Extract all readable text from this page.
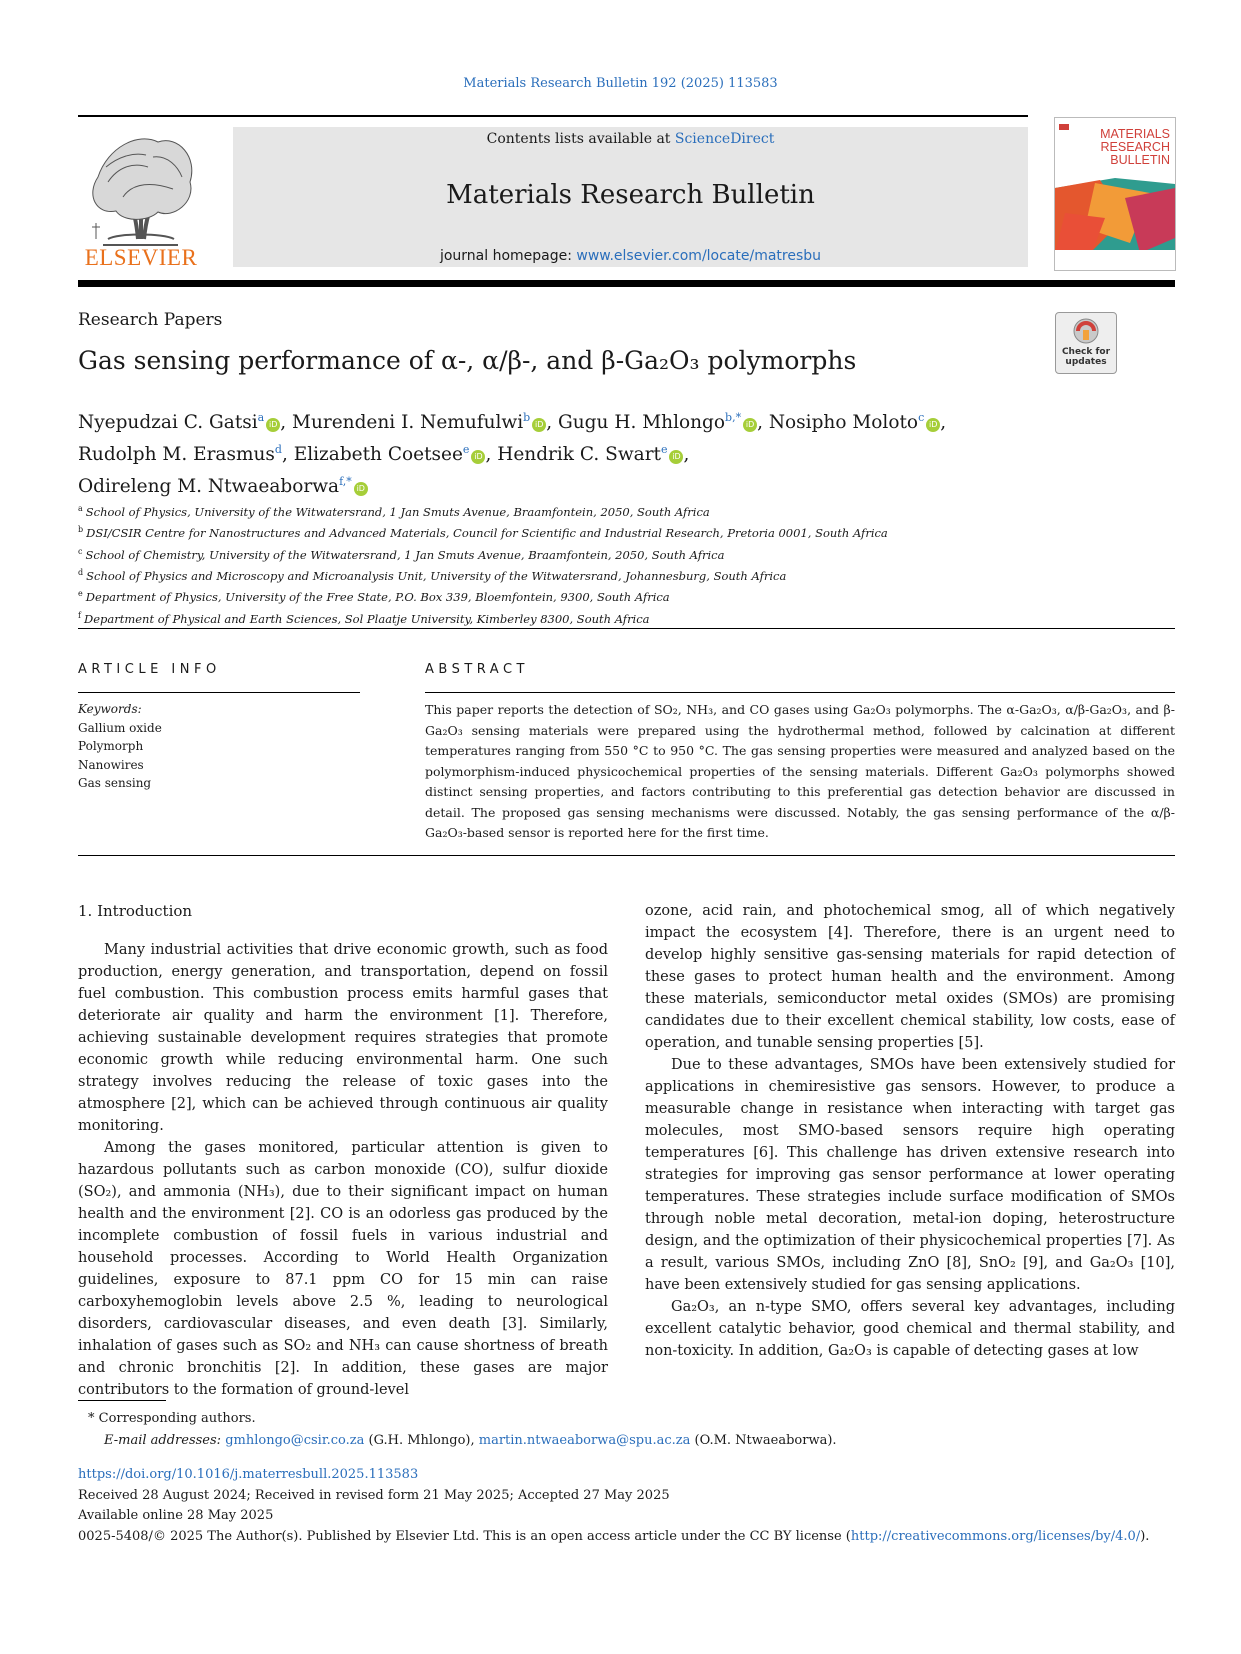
Materials Research Bulletin 192 (2025) 113583
ELSEVIER
Contents lists available at ScienceDirect
Materials Research Bulletin
journal homepage: www.elsevier.com/locate/matresbu
MATERIALS
RESEARCH
BULLETIN
Research Papers
Gas sensing performance of α-, α/β-, and β-Ga₂O₃ polymorphs	Check for updates
Nyepudzai C. Gatsi$^a$iD , Murendeni I. Nemufulwi$^b$iD , Gugu H. Mhlongo$^{b,*}$iD , Nosipho Moloto$^c$iD ,
Rudolph M. Erasmus$^d$, Elizabeth Coetsee$^e$iD , Hendrik C. Swart$^e$iD ,
Odireleng M. Ntwaeaborwa$^{f,*}$iD
$^a$ School of Physics, University of the Witwatersrand, 1 Jan Smuts Avenue, Braamfontein, 2050, South Africa
$^b$ DSI/CSIR Centre for Nanostructures and Advanced Materials, Council for Scientific and Industrial Research, Pretoria 0001, South Africa
$^c$ School of Chemistry, University of the Witwatersrand, 1 Jan Smuts Avenue, Braamfontein, 2050, South Africa
$^d$ School of Physics and Microscopy and Microanalysis Unit, University of the Witwatersrand, Johannesburg, South Africa
$^e$ Department of Physics, University of the Free State, P.O. Box 339, Bloemfontein, 9300, South Africa
$^f$ Department of Physical and Earth Sciences, Sol Plaatje University, Kimberley 8300, South Africa
ARTICLE INFO	ABSTRACT
Keywords:
Gallium oxide
Polymorph
Nanowires
Gas sensing
This paper reports the detection of SO₂, NH₃, and CO gases using Ga₂O₃ polymorphs. The α-Ga₂O₃, α/β-Ga₂O₃, and β-Ga₂O₃ sensing materials were prepared using the hydrothermal method, followed by calcination at different temperatures ranging from 550 °C to 950 °C. The gas sensing properties were measured and analyzed based on the polymorphism-induced physicochemical properties of the sensing materials. Different Ga₂O₃ polymorphs showed distinct sensing properties, and factors contributing to this preferential gas detection behavior are discussed in detail. The proposed gas sensing mechanisms were discussed. Notably, the gas sensing performance of the α/β-Ga₂O₃-based sensor is reported here for the first time.
1. Introduction

Many industrial activities that drive economic growth, such as food production, energy generation, and transportation, depend on fossil fuel combustion. This combustion process emits harmful gases that deteriorate air quality and harm the environment [1]. Therefore, achieving sustainable development requires strategies that promote economic growth while reducing environmental harm. One such strategy involves reducing the release of toxic gases into the atmosphere [2], which can be achieved through continuous air quality monitoring.

Among the gases monitored, particular attention is given to hazardous pollutants such as carbon monoxide (CO), sulfur dioxide (SO₂), and ammonia (NH₃), due to their significant impact on human health and the environment [2]. CO is an odorless gas produced by the incomplete combustion of fossil fuels in various industrial and household processes. According to World Health Organization guidelines, exposure to 87.1 ppm CO for 15 min can raise carboxyhemoglobin levels above 2.5 %, leading to neurological disorders, cardiovascular diseases, and even death [3]. Similarly, inhalation of gases such as SO₂ and NH₃ can cause shortness of breath and chronic bronchitis [2]. In addition, these gases are major contributors to the formation of ground-level

ozone, acid rain, and photochemical smog, all of which negatively impact the ecosystem [4]. Therefore, there is an urgent need to develop highly sensitive gas-sensing materials for rapid detection of these gases to protect human health and the environment. Among these materials, semiconductor metal oxides (SMOs) are promising candidates due to their excellent chemical stability, low costs, ease of operation, and tunable sensing properties [5].

Due to these advantages, SMOs have been extensively studied for applications in chemiresistive gas sensors. However, to produce a measurable change in resistance when interacting with target gas molecules, most SMO-based sensors require high operating temperatures [6]. This challenge has driven extensive research into strategies for improving gas sensor performance at lower operating temperatures. These strategies include surface modification of SMOs through noble metal decoration, metal-ion doping, heterostructure design, and the optimization of their physicochemical properties [7]. As a result, various SMOs, including ZnO [8], SnO₂ [9], and Ga₂O₃ [10], have been extensively studied for gas sensing applications.

Ga₂O₃, an n-type SMO, offers several key advantages, including excellent catalytic behavior, good chemical and thermal stability, and non-toxicity. In addition, Ga₂O₃ is capable of detecting gases at low

* Corresponding authors.
E-mail addresses: gmhlongo@csir.co.za (G.H. Mhlongo), martin.ntwaeaborwa@spu.ac.za (O.M. Ntwaeaborwa).
https://doi.org/10.1016/j.materresbull.2025.113583
Received 28 August 2024; Received in revised form 21 May 2025; Accepted 27 May 2025
Available online 28 May 2025
0025-5408/© 2025 The Author(s). Published by Elsevier Ltd. This is an open access article under the CC BY license (http://creativecommons.org/licenses/by/4.0/).
